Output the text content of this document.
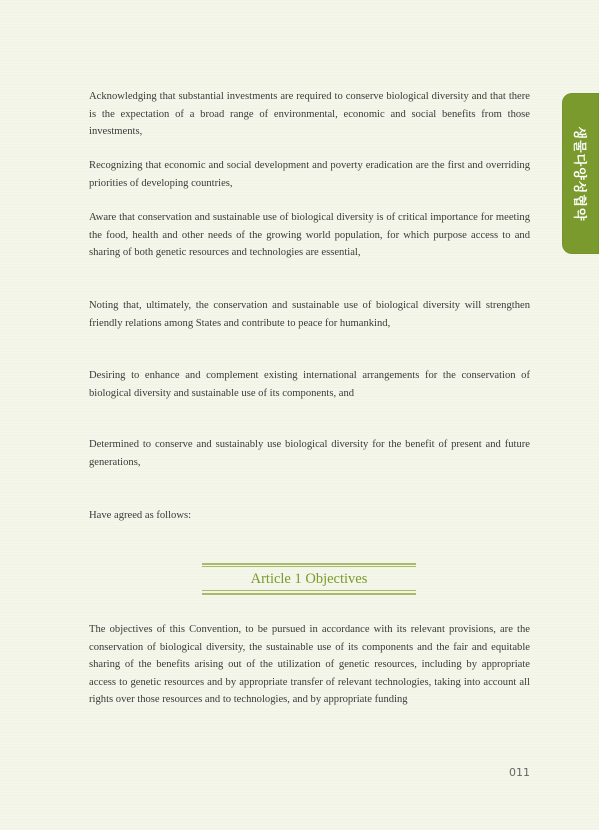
생물다양성협약

Acknowledging that substantial investments are required to conserve biological diversity and that there is the expectation of a broad range of environmental, economic and social benefits from those investments,

Recognizing that economic and social development and poverty eradication are the first and overriding priorities of developing countries,

Aware that conservation and sustainable use of biological diversity is of critical importance for meeting the food, health and other needs of the growing world population, for which purpose access to and sharing of both genetic resources and technologies are essential,

Noting that, ultimately, the conservation and sustainable use of biological diversity will strengthen friendly relations among States and contribute to peace for humankind,

Desiring to enhance and complement existing international arrangements for the conservation of biological diversity and sustainable use of its components, and

Determined to conserve and sustainably use biological diversity for the benefit of present and future generations,

Have agreed as follows:

Article 1 Objectives

The objectives of this Convention, to be pursued in accordance with its relevant provisions, are the conservation of biological diversity, the sustainable use of its components and the fair and equitable sharing of the benefits arising out of the utilization of genetic resources, including by appropriate access to genetic resources and by appropriate transfer of relevant technologies, taking into account all rights over those resources and to technologies, and by appropriate funding

011
